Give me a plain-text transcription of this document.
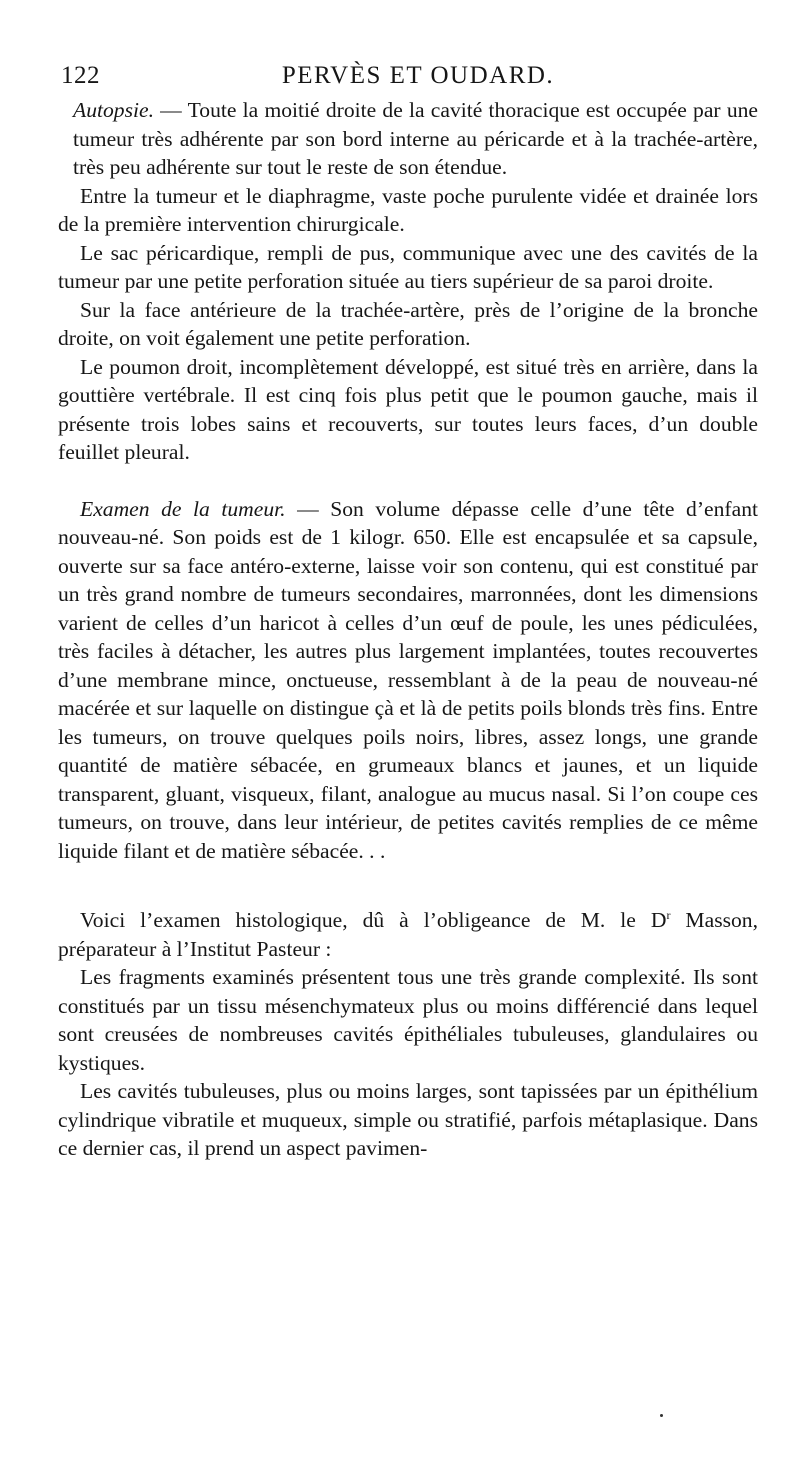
122	PERVÈS ET OUDARD.

Autopsie. — Toute la moitié droite de la cavité thoracique est occupée par une tumeur très adhérente par son bord interne au péricarde et à la trachée-artère, très peu adhérente sur tout le reste de son étendue.

Entre la tumeur et le diaphragme, vaste poche purulente vidée et drainée lors de la première intervention chirurgicale.

Le sac péricardique, rempli de pus, communique avec une des cavités de la tumeur par une petite perforation située au tiers supérieur de sa paroi droite.

Sur la face antérieure de la trachée-artère, près de l’origine de la bronche droite, on voit également une petite perforation.

Le poumon droit, incomplètement développé, est situé très en arrière, dans la gouttière vertébrale. Il est cinq fois plus petit que le poumon gauche, mais il présente trois lobes sains et recouverts, sur toutes leurs faces, d’un double feuillet pleural.

Examen de la tumeur. — Son volume dépasse celle d’une tête d’enfant nouveau-né. Son poids est de 1 kilogr. 650. Elle est encapsulée et sa capsule, ouverte sur sa face antéro-externe, laisse voir son contenu, qui est constitué par un très grand nombre de tumeurs secondaires, marronnées, dont les dimensions varient de celles d’un haricot à celles d’un œuf de poule, les unes pédiculées, très faciles à détacher, les autres plus largement implantées, toutes recouvertes d’une membrane mince, onctueuse, ressemblant à de la peau de nouveau-né macérée et sur laquelle on distingue çà et là de petits poils blonds très fins. Entre les tumeurs, on trouve quelques poils noirs, libres, assez longs, une grande quantité de matière sébacée, en grumeaux blancs et jaunes, et un liquide transparent, gluant, visqueux, filant, analogue au mucus nasal. Si l’on coupe ces tumeurs, on trouve, dans leur intérieur, de petites cavités remplies de ce même liquide filant et de matière sébacée. . .

Voici l’examen histologique, dû à l’obligeance de M. le $D^r$ Masson, préparateur à l’Institut Pasteur :

Les fragments examinés présentent tous une très grande complexité. Ils sont constitués par un tissu mésenchymateux plus ou moins différencié dans lequel sont creusées de nombreuses cavités épithéliales tubuleuses, glandulaires ou kystiques.

Les cavités tubuleuses, plus ou moins larges, sont tapissées par un épithélium cylindrique vibratile et muqueux, simple ou stratifié, parfois métaplasique. Dans ce dernier cas, il prend un aspect pavimen-
